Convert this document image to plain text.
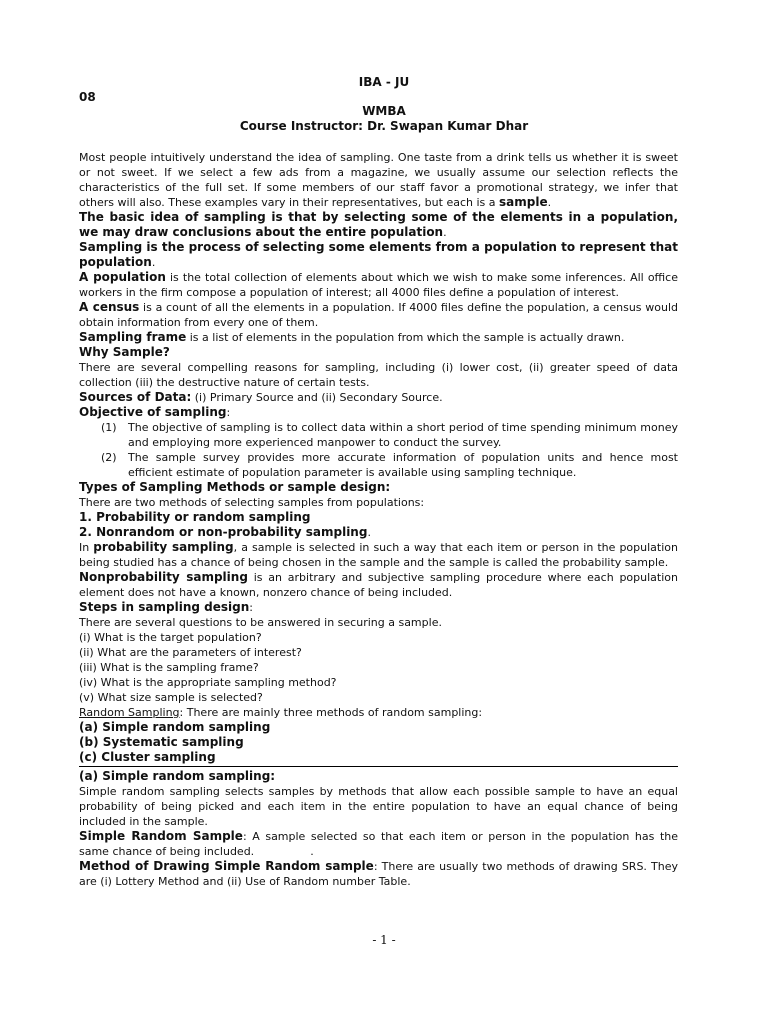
IBA - JU
08
WMBA
Course Instructor: Dr. Swapan Kumar Dhar

Most people intuitively understand the idea of sampling. One taste from a drink tells us whether it is sweet or not sweet. If we select a few ads from a magazine, we usually assume our selection reflects the characteristics of the full set. If some members of our staff favor a promotional strategy, we infer that others will also. These examples vary in their representatives, but each is a sample.

The basic idea of sampling is that by selecting some of the elements in a population, we may draw conclusions about the entire population.

Sampling is the process of selecting some elements from a population to represent that population.

A population is the total collection of elements about which we wish to make some inferences. All office workers in the firm compose a population of interest; all 4000 files define a population of interest.

A census is a count of all the elements in a population. If 4000 files define the population, a census would obtain information from every one of them.

Sampling frame is a list of elements in the population from which the sample is actually drawn.

Why Sample?

There are several compelling reasons for sampling, including (i) lower cost, (ii) greater speed of data collection (iii) the destructive nature of certain tests.

Sources of Data: (i) Primary Source and (ii) Secondary Source.

Objective of sampling:

(1) The objective of sampling is to collect data within a short period of time spending minimum money and employing more experienced manpower to conduct the survey.
(2) The sample survey provides more accurate information of population units and hence most efficient estimate of population parameter is available using sampling technique.

Types of Sampling Methods or sample design:

There are two methods of selecting samples from populations:

1. Probability or random sampling

2. Nonrandom or non-probability sampling.

In probability sampling, a sample is selected in such a way that each item or person in the population being studied has a chance of being chosen in the sample and the sample is called the probability sample.

Nonprobability sampling is an arbitrary and subjective sampling procedure where each population element does not have a known, nonzero chance of being included.

Steps in sampling design:

There are several questions to be answered in securing a sample.

(i) What is the target population?

(ii) What are the parameters of interest?

(iii) What is the sampling frame?

(iv) What is the appropriate sampling method?

(v) What size sample is selected?

Random Sampling: There are mainly three methods of random sampling:

(a) Simple random sampling

(b) Systematic sampling

(c) Cluster sampling

(a) Simple random sampling:

Simple random sampling selects samples by methods that allow each possible sample to have an equal probability of being picked and each item in the entire population to have an equal chance of being included in the sample.

Simple Random Sample: A sample selected so that each item or person in the population has the same chance of being included.	.

Method of Drawing Simple Random sample: There are usually two methods of drawing SRS. They are (i) Lottery Method and (ii) Use of Random number Table.

- 1 -
